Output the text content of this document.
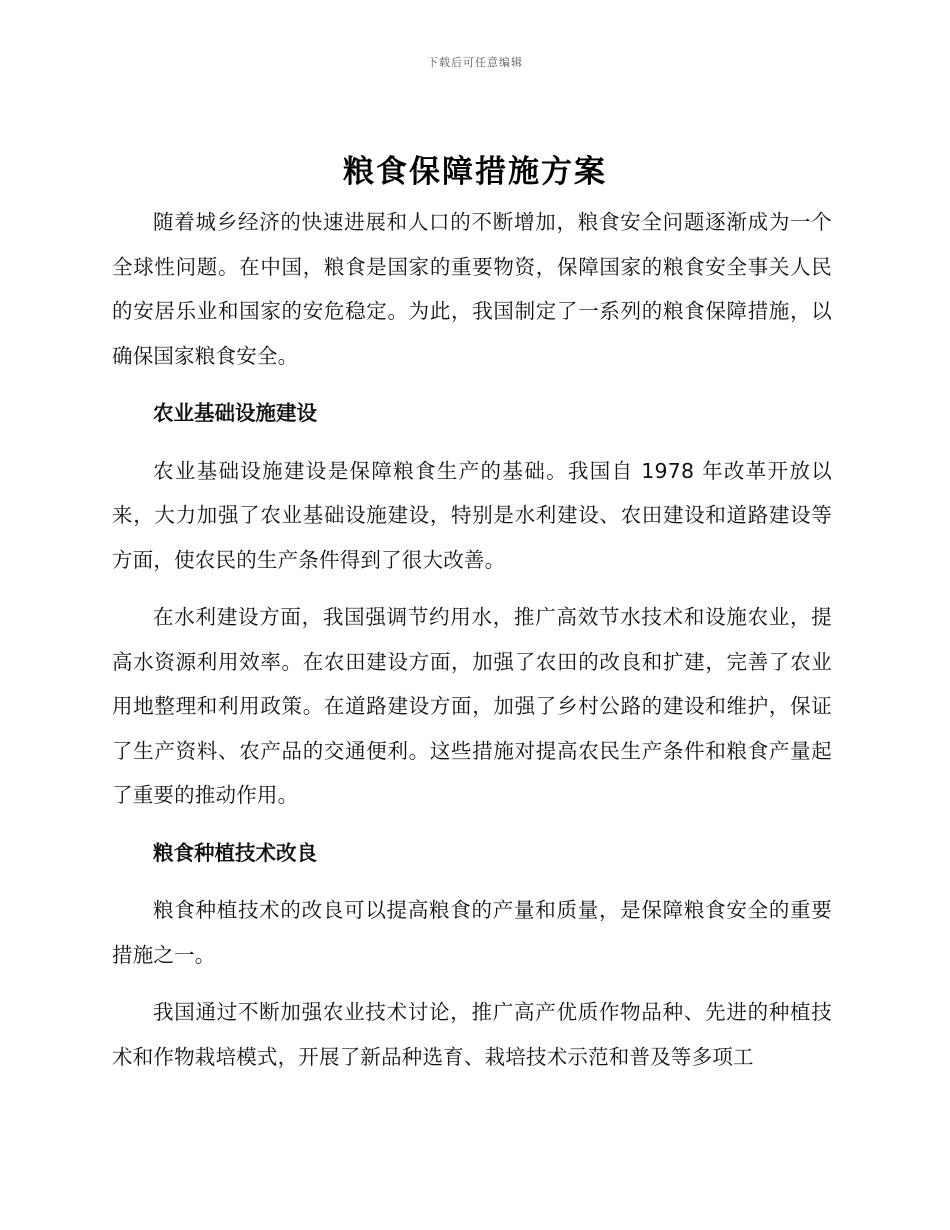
下载后可任意编辑
粮食保障措施方案

随着城乡经济的快速进展和人口的不断增加，粮食安全问题逐渐成为一个全球性问题。在中国，粮食是国家的重要物资，保障国家的粮食安全事关人民的安居乐业和国家的安危稳定。为此，我国制定了一系列的粮食保障措施，以确保国家粮食安全。

农业基础设施建设

农业基础设施建设是保障粮食生产的基础。我国自 1978 年改革开放以来，大力加强了农业基础设施建设，特别是水利建设、农田建设和道路建设等方面，使农民的生产条件得到了很大改善。

在水利建设方面，我国强调节约用水，推广高效节水技术和设施农业，提高水资源利用效率。在农田建设方面，加强了农田的改良和扩建，完善了农业用地整理和利用政策。在道路建设方面，加强了乡村公路的建设和维护，保证了生产资料、农产品的交通便利。这些措施对提高农民生产条件和粮食产量起了重要的推动作用。

粮食种植技术改良

粮食种植技术的改良可以提高粮食的产量和质量，是保障粮食安全的重要措施之一。

我国通过不断加强农业技术讨论，推广高产优质作物品种、先进的种植技术和作物栽培模式，开展了新品种选育、栽培技术示范和普及等多项工
